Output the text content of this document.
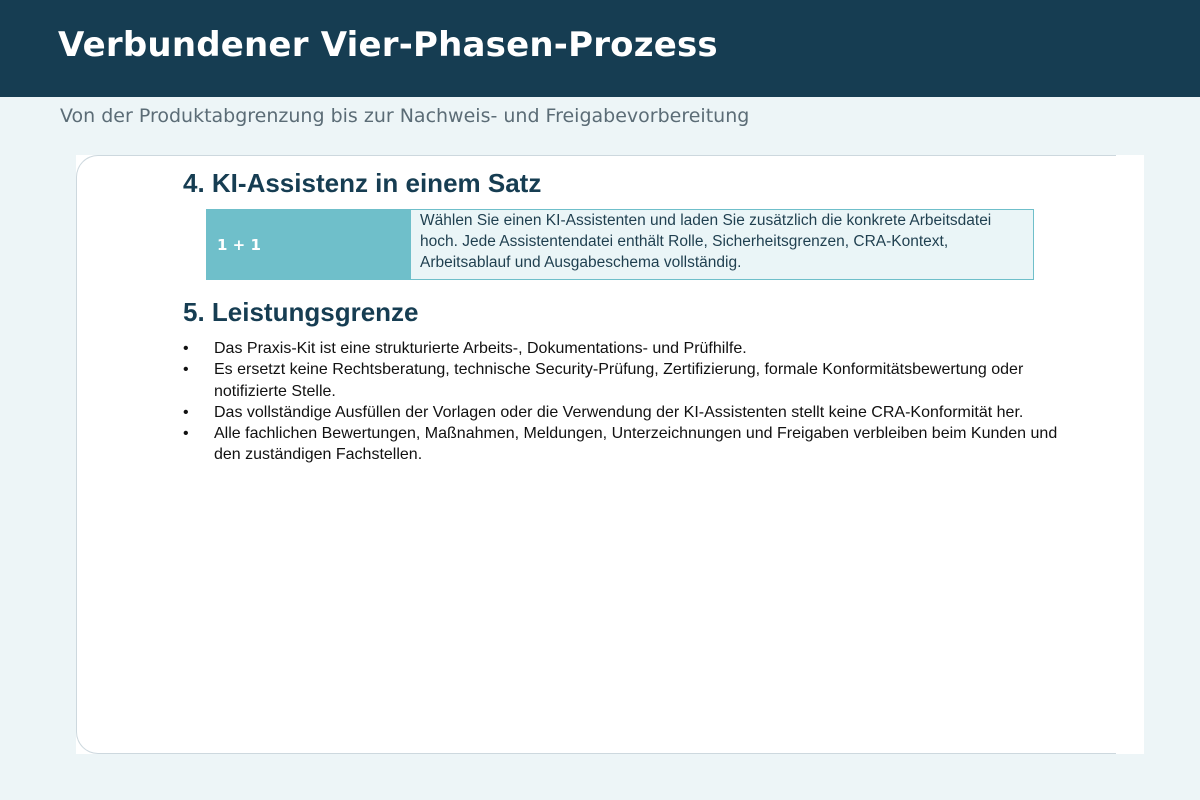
Verbundener Vier-Phasen-Prozess

Von der Produktabgrenzung bis zur Nachweis- und Freigabevorbereitung

4. KI-Assistenz in einem Satz
1 + 1
Wählen Sie einen KI-Assistenten und laden Sie zusätzlich die konkrete Arbeitsdatei hoch. Jede Assistentendatei enthält Rolle, Sicherheitsgrenzen, CRA-Kontext, Arbeitsablauf und Ausgabeschema vollständig.
5. Leistungsgrenze
• Das Praxis-Kit ist eine strukturierte Arbeits-, Dokumentations- und Prüfhilfe.
• Es ersetzt keine Rechtsberatung, technische Security-Prüfung, Zertifizierung, formale Konformitätsbewertung oder notifizierte Stelle.
• Das vollständige Ausfüllen der Vorlagen oder die Verwendung der KI-Assistenten stellt keine CRA-Konformität her.
• Alle fachlichen Bewertungen, Maßnahmen, Meldungen, Unterzeichnungen und Freigaben verbleiben beim Kunden und den zuständigen Fachstellen.
